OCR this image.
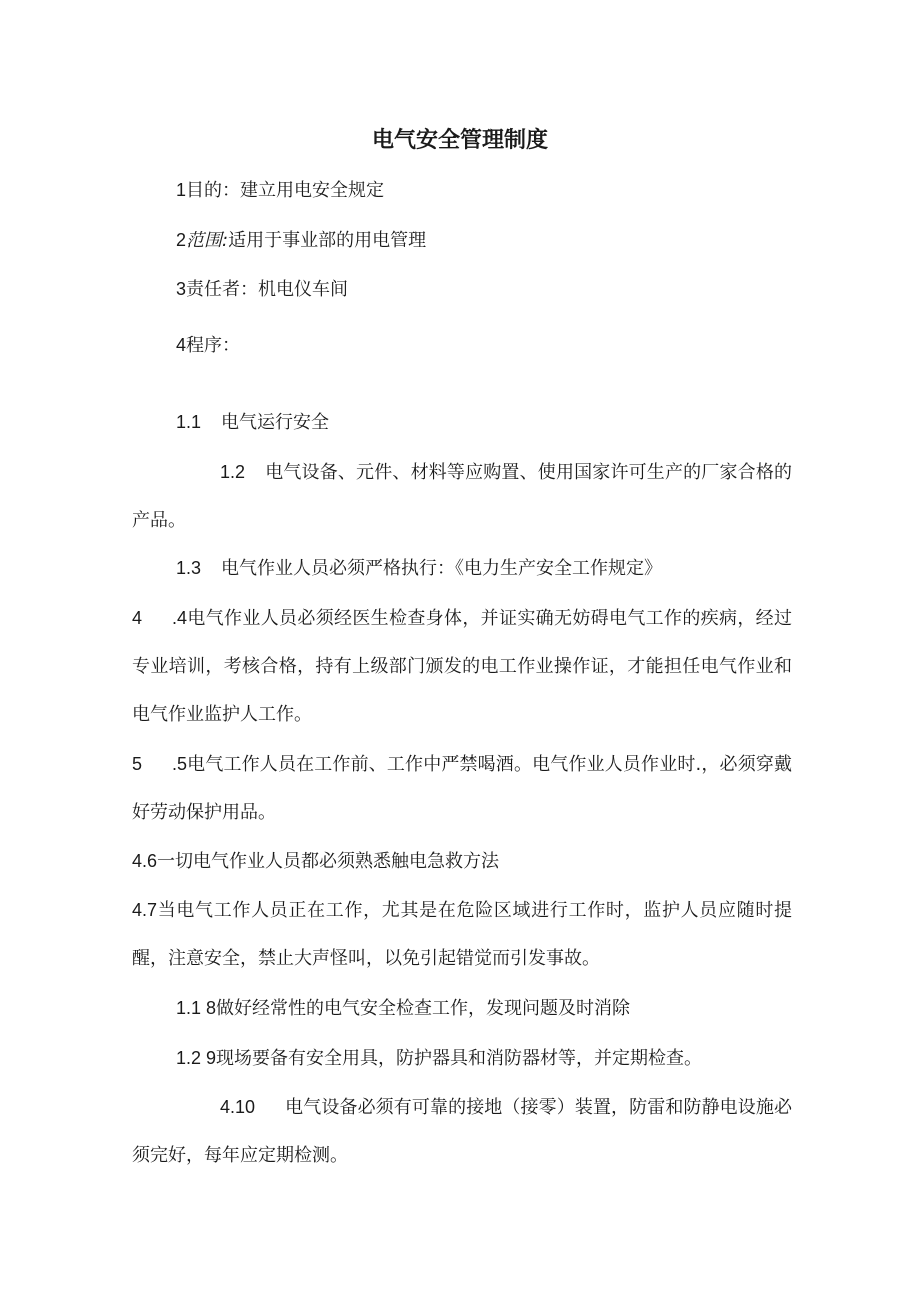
电气安全管理制度
1目的：建立用电安全规定
2范围:适用于事业部的用电管理
3责任者：机电仪车间
4程序：
1.1 电气运行安全
1.2 电气设备、元件、材料等应购置、使用国家许可生产的厂家合格的产品。
1.3 电气作业人员必须严格执行：《电力生产安全工作规定》
4 .4电气作业人员必须经医生检查身体，并证实确无妨碍电气工作的疾病，经过专业培训，考核合格，持有上级部门颁发的电工作业操作证，才能担任电气作业和电气作业监护人工作。
5 .5电气工作人员在工作前、工作中严禁喝酒。电气作业人员作业时.，必须穿戴好劳动保护用品。
4.6一切电气作业人员都必须熟悉触电急救方法
4.7当电气工作人员正在工作，尤其是在危险区域进行工作时，监护人员应随时提醒，注意安全，禁止大声怪叫，以免引起错觉而引发事故。
1.1 8做好经常性的电气安全检查工作，发现问题及时消除
1.2 9现场要备有安全用具，防护器具和消防器材等，并定期检查。
4.10 电气设备必须有可靠的接地（接零）装置，防雷和防静电设施必须完好，每年应定期检测。
